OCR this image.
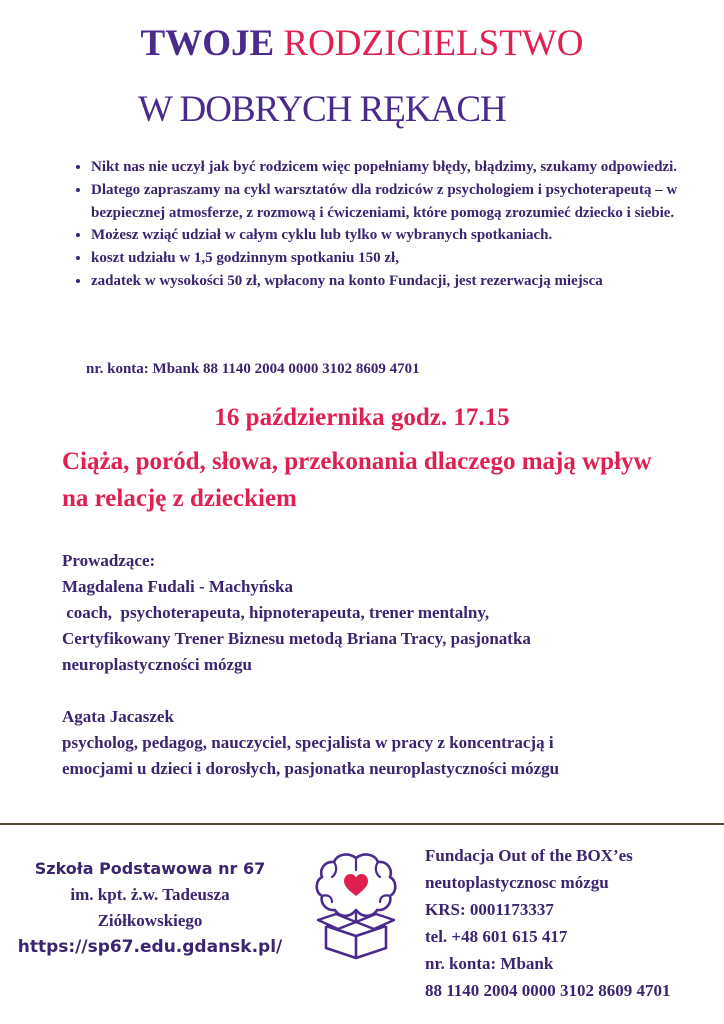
TWOJE RODZICIELSTWO
W DOBRYCH RĘKACH
• Nikt nas nie uczył jak być rodzicem więc popełniamy błędy, błądzimy, szukamy odpowiedzi.
• Dlatego zapraszamy na cykl warsztatów dla rodziców z psychologiem i psychoterapeutą – w bezpiecznej atmosferze, z rozmową i ćwiczeniami, które pomogą zrozumieć dziecko i siebie.
• Możesz wziąć udział w całym cyklu lub tylko w wybranych spotkaniach.
• koszt udziału w 1,5 godzinnym spotkaniu 150 zł,
• zadatek w wysokości 50 zł, wpłacony na konto Fundacji, jest rezerwacją miejsca
nr. konta: Mbank 88 1140 2004 0000 3102 8609 4701
16 października godz. 17.15
Ciąża, poród, słowa, przekonania dlaczego mają wpływ na relację z dzieckiem
Prowadzące:
Magdalena Fudali - Machyńska
coach,  psychoterapeuta, hipnoterapeuta, trener mentalny,
Certyfikowany Trener Biznesu metodą Briana Tracy, pasjonatka
neuroplastyczności mózgu
Agata Jacaszek
psycholog, pedagog, nauczyciel, specjalista w pracy z koncentracją i
emocjami u dzieci i dorosłych, pasjonatka neuroplastyczności mózgu
Szkoła Podstawowa nr 67
im. kpt. ż.w. Tadeusza
Ziółkowskiego
https://sp67.edu.gdansk.pl/
Fundacja Out of the BOX’es
neutoplastycznosc mózgu
KRS: 0001173337
tel. +48 601 615 417
nr. konta: Mbank
88 1140 2004 0000 3102 8609 4701
